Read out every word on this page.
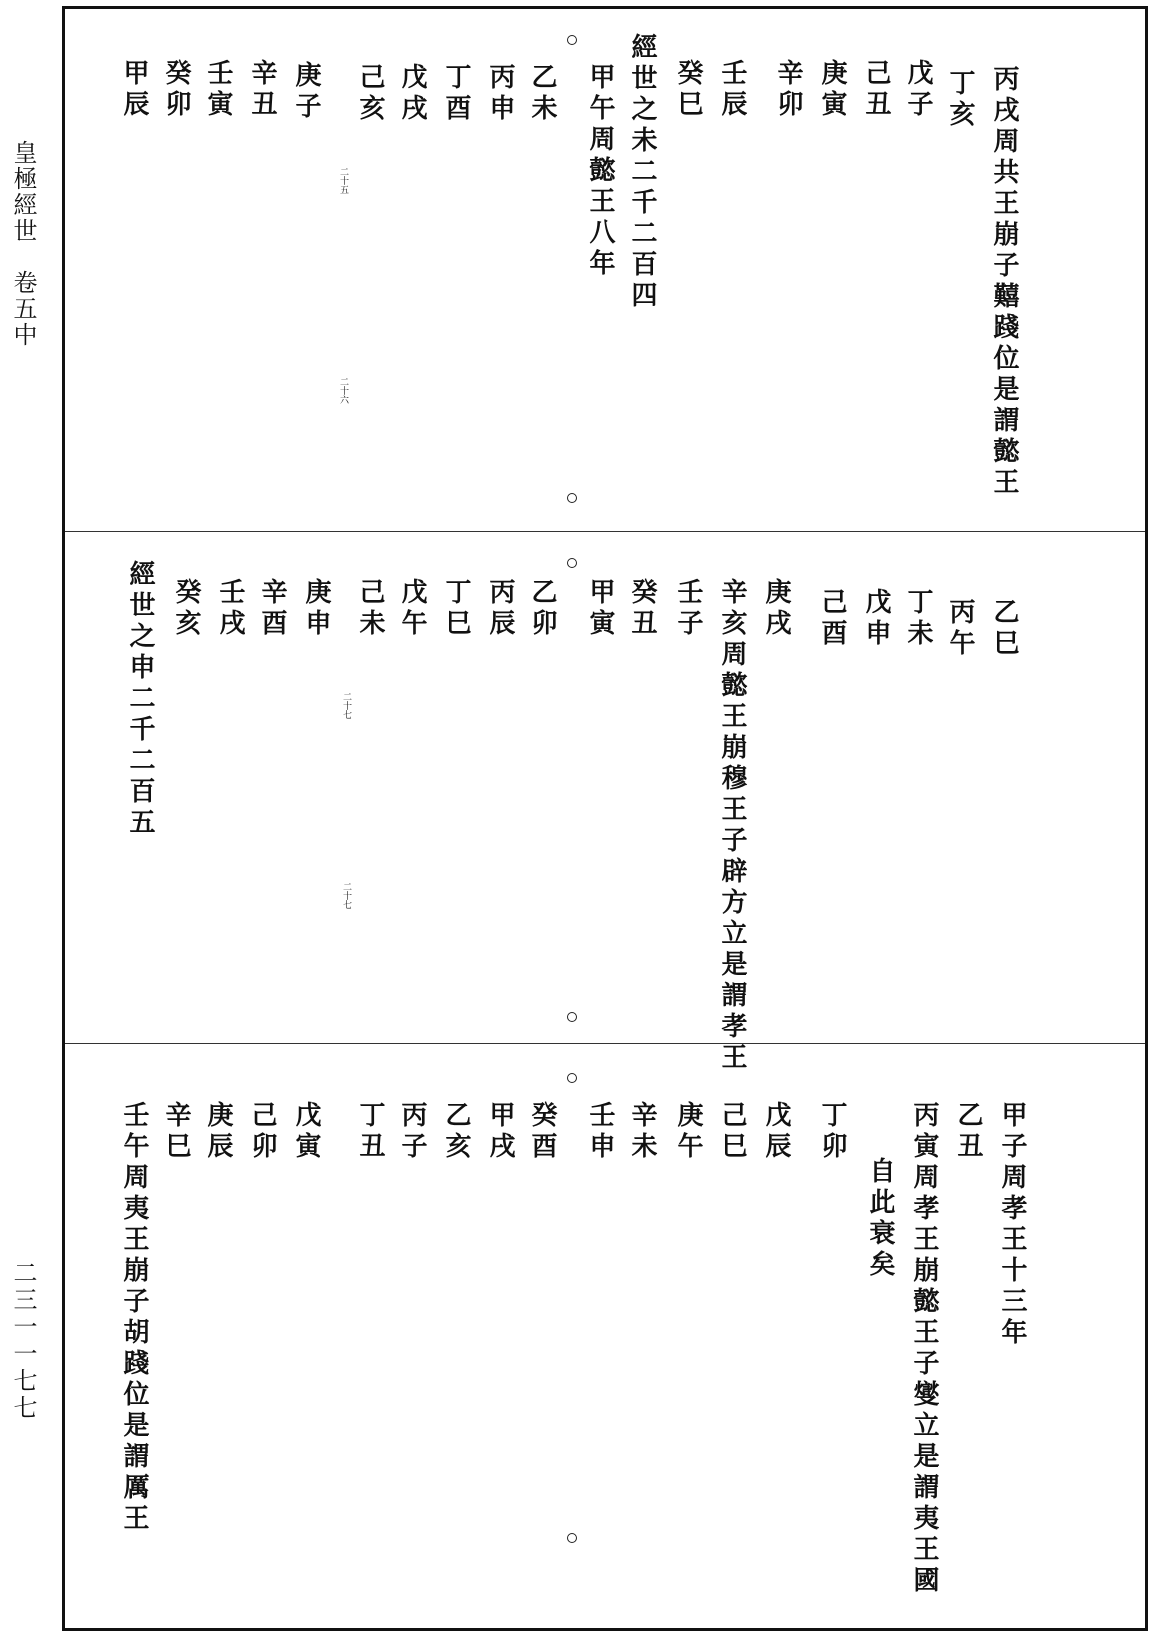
皇極經世　卷五中
二三一一七七
丙戌周共王崩子囏踐位是謂懿王
丁亥
戊子
己丑
庚寅
辛卯
壬辰
癸巳
經世之未二千二百四
甲午周懿王八年
乙未
丙申
丁酉
戊戌
己亥
庚子
辛丑
壬寅
癸卯
甲辰
二十五
二十六
乙巳
丙午
丁未
戊申
己酉
庚戌
辛亥周懿王崩穆王子辟方立是謂孝王
壬子
癸丑
甲寅
乙卯
丙辰
丁巳
戊午
己未
庚申
辛酉
壬戌
癸亥
經世之申二千二百五	二十七
二十七
甲子周孝王十三年
乙丑
丙寅周孝王崩懿王子燮立是謂夷王國
自此衰矣
丁卯
戊辰
己巳
庚午
辛未
壬申
癸酉
甲戌
乙亥
丙子
丁丑
戊寅
己卯
庚辰
辛巳
壬午周夷王崩子胡踐位是謂厲王
